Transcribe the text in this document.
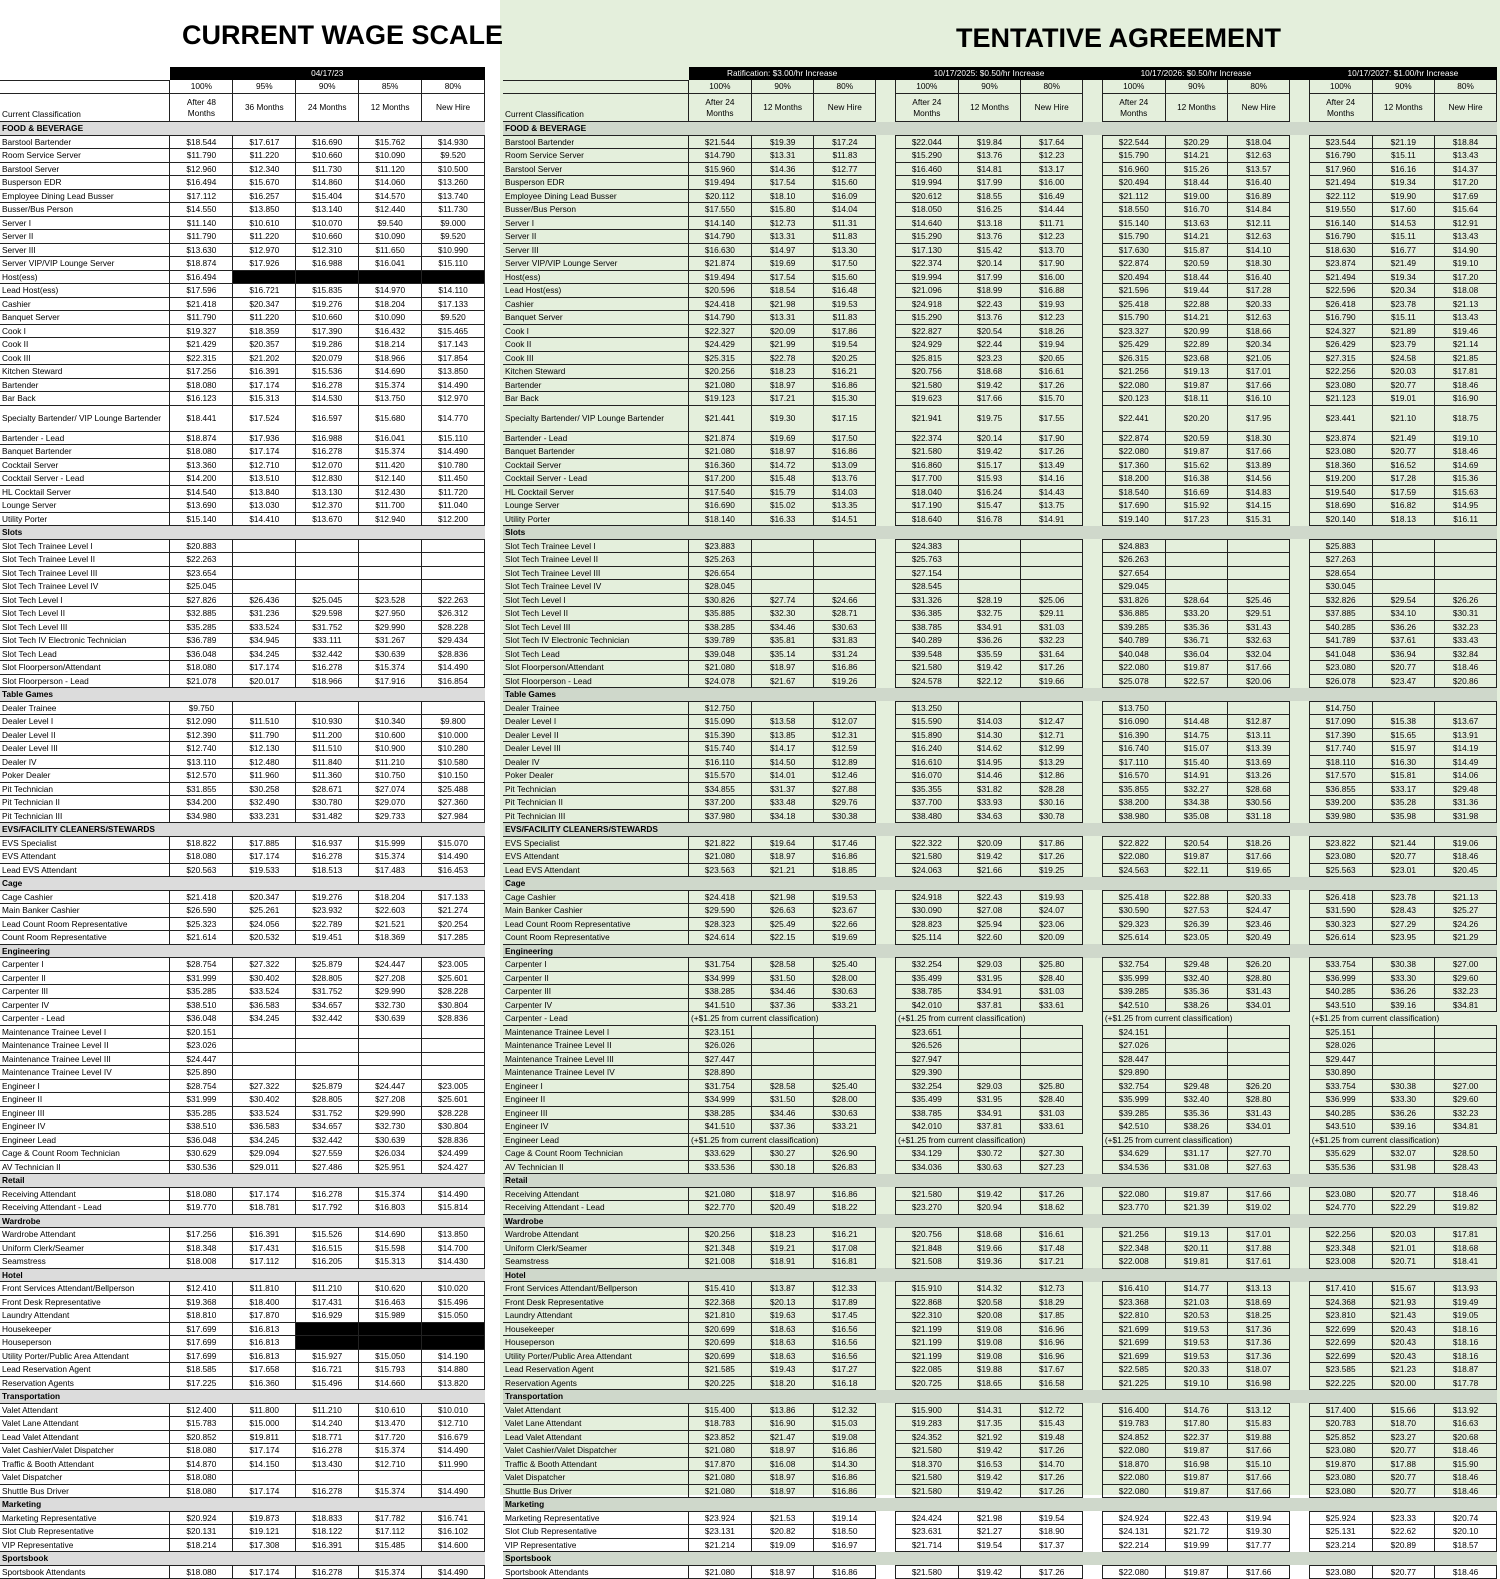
CURRENT WAGE SCALE	TENTATIVE AGREEMENT
	04/17/23				
	100%	95%	90%	85%	80%
Current Classification	After 48 Months	36 Months	24 Months	12 Months	New Hire
FOOD & BEVERAGE					
Barstool Bartender	$18.544	$17.617	$16.690	$15.762	$14.930
Room Service Server	$11.790	$11.220	$10.660	$10.090	$9.520
Barstool Server	$12.960	$12.340	$11.730	$11.120	$10.500
Busperson EDR	$16.494	$15.670	$14.860	$14.060	$13.260
Employee Dining Lead Busser	$17.112	$16.257	$15.404	$14.570	$13.740
Busser/Bus Person	$14.550	$13.850	$13.140	$12.440	$11.730
Server I	$11.140	$10.610	$10.070	$9.540	$9.000
Server II	$11.790	$11.220	$10.660	$10.090	$9.520
Server III	$13.630	$12.970	$12.310	$11.650	$10.990
Server VIP/VIP Lounge Server	$18.874	$17.926	$16.988	$16.041	$15.110
Host(ess)	$16.494				
Lead Host(ess)	$17.596	$16.721	$15.835	$14.970	$14.110
Cashier	$21.418	$20.347	$19.276	$18.204	$17.133
Banquet Server	$11.790	$11.220	$10.660	$10.090	$9.520
Cook I	$19.327	$18.359	$17.390	$16.432	$15.465
Cook II	$21.429	$20.357	$19.286	$18.214	$17.143
Cook III	$22.315	$21.202	$20.079	$18.966	$17.854
Kitchen Steward	$17.256	$16.391	$15.536	$14.690	$13.850
Bartender	$18.080	$17.174	$16.278	$15.374	$14.490
Bar Back	$16.123	$15.313	$14.530	$13.750	$12.970
Specialty Bartender/ VIP Lounge Bartender	$18.441	$17.524	$16.597	$15.680	$14.770
Bartender - Lead	$18.874	$17.936	$16.988	$16.041	$15.110
Banquet Bartender	$18.080	$17.174	$16.278	$15.374	$14.490
Cocktail Server	$13.360	$12.710	$12.070	$11.420	$10.780
Cocktail Server - Lead	$14.200	$13.510	$12.830	$12.140	$11.450
HL Cocktail Server	$14.540	$13.840	$13.130	$12.430	$11.720
Lounge Server	$13.690	$13.030	$12.370	$11.700	$11.040
Utility Porter	$15.140	$14.410	$13.670	$12.940	$12.200
Slots					
Slot Tech Trainee Level I	$20.883				
Slot Tech Trainee Level II	$22.263				
Slot Tech Trainee Level III	$23.654				
Slot Tech Trainee Level IV	$25.045				
Slot Tech Level I	$27.826	$26.436	$25.045	$23.528	$22.263
Slot Tech Level II	$32.885	$31.236	$29.598	$27.950	$26.312
Slot Tech Level III	$35.285	$33.524	$31.752	$29.990	$28.228
Slot Tech IV Electronic Technician	$36.789	$34.945	$33.111	$31.267	$29.434
Slot Tech Lead	$36.048	$34.245	$32.442	$30.639	$28.836
Slot Floorperson/Attendant	$18.080	$17.174	$16.278	$15.374	$14.490
Slot Floorperson - Lead	$21.078	$20.017	$18.966	$17.916	$16.854
Table Games					
Dealer Trainee	$9.750				
Dealer Level I	$12.090	$11.510	$10.930	$10.340	$9.800
Dealer Level II	$12.390	$11.790	$11.200	$10.600	$10.000
Dealer Level III	$12.740	$12.130	$11.510	$10.900	$10.280
Dealer IV	$13.110	$12.480	$11.840	$11.210	$10.580
Poker Dealer	$12.570	$11.960	$11.360	$10.750	$10.150
Pit Technician	$31.855	$30.258	$28.671	$27.074	$25.488
Pit Technician II	$34.200	$32.490	$30.780	$29.070	$27.360
Pit Technician III	$34.980	$33.231	$31.482	$29.733	$27.984
EVS/FACILITY CLEANERS/STEWARDS					
EVS Specialist	$18.822	$17.885	$16.937	$15.999	$15.070
EVS Attendant	$18.080	$17.174	$16.278	$15.374	$14.490
Lead EVS Attendant	$20.563	$19.533	$18.513	$17.483	$16.453
Cage					
Cage Cashier	$21.418	$20.347	$19.276	$18.204	$17.133
Main Banker Cashier	$26.590	$25.261	$23.932	$22.603	$21.274
Lead Count Room Representative	$25.323	$24.056	$22.789	$21.521	$20.254
Count Room Representative	$21.614	$20.532	$19.451	$18.369	$17.285
Engineering					
Carpenter I	$28.754	$27.322	$25.879	$24.447	$23.005
Carpenter II	$31.999	$30.402	$28.805	$27.208	$25.601
Carpenter III	$35.285	$33.524	$31.752	$29.990	$28.228
Carpenter IV	$38.510	$36.583	$34.657	$32.730	$30.804
Carpenter - Lead	$36.048	$34.245	$32.442	$30.639	$28.836
Maintenance Trainee Level I	$20.151				
Maintenance Trainee Level II	$23.026				
Maintenance Trainee Level III	$24.447				
Maintenance Trainee Level IV	$25.890				
Engineer I	$28.754	$27.322	$25.879	$24.447	$23.005
Engineer II	$31.999	$30.402	$28.805	$27.208	$25.601
Engineer III	$35.285	$33.524	$31.752	$29.990	$28.228
Engineer IV	$38.510	$36.583	$34.657	$32.730	$30.804
Engineer Lead	$36.048	$34.245	$32.442	$30.639	$28.836
Cage & Count Room Technician	$30.629	$29.094	$27.559	$26.034	$24.499
AV Technician II	$30.536	$29.011	$27.486	$25.951	$24.427
Retail					
Receiving Attendant	$18.080	$17.174	$16.278	$15.374	$14.490
Receiving Attendant - Lead	$19.770	$18.781	$17.792	$16.803	$15.814
Wardrobe					
Wardrobe Attendant	$17.256	$16.391	$15.526	$14.690	$13.850
Uniform Clerk/Seamer	$18.348	$17.431	$16.515	$15.598	$14.700
Seamstress	$18.008	$17.112	$16.205	$15.313	$14.430
Hotel					
Front Services Attendant/Bellperson	$12.410	$11.810	$11.210	$10.620	$10.020
Front Desk Representative	$19.368	$18.400	$17.431	$16.463	$15.496
Laundry Attendant	$18.810	$17.870	$16.929	$15.989	$15.050
Housekeeper	$17.699	$16.813			
Houseperson	$17.699	$16.813			
Utility Porter/Public Area Attendant	$17.699	$16.813	$15.927	$15.050	$14.190
Lead Reservation Agent	$18.585	$17.658	$16.721	$15.793	$14.880
Reservation Agents	$17.225	$16.360	$15.496	$14.660	$13.820
Transportation					
Valet Attendant	$12.400	$11.800	$11.210	$10.610	$10.010
Valet Lane Attendant	$15.783	$15.000	$14.240	$13.470	$12.710
Lead Valet Attendant	$20.852	$19.811	$18.771	$17.720	$16.679
Valet Cashier/Valet Dispatcher	$18.080	$17.174	$16.278	$15.374	$14.490
Traffic & Booth Attendant	$14.870	$14.150	$13.430	$12.710	$11.990
Valet Dispatcher	$18.080				
Shuttle Bus Driver	$18.080	$17.174	$16.278	$15.374	$14.490
Marketing					
Marketing Representative	$20.924	$19.873	$18.833	$17.782	$16.741
Slot Club Representative	$20.131	$19.121	$18.122	$17.112	$16.102
VIP Representative	$18.214	$17.308	$16.391	$15.485	$14.600
Sportsbook					
Sportsbook Attendants	$18.080	$17.174	$16.278	$15.374	$14.490
	Ratification: $3.00/hr Increase				10/17/2025: $0.50/hr Increase				10/17/2026: $0.50/hr Increase				10/17/2027: $1.00/hr Increase		
	100%	90%	80%		100%	90%	80%		100%	90%	80%		100%	90%	80%
Current Classification	After 24 Months	12 Months	New Hire		After 24 Months	12 Months	New Hire		After 24 Months	12 Months	New Hire		After 24 Months	12 Months	New Hire
FOOD & BEVERAGE															
Barstool Bartender	$21.544	$19.39	$17.24		$22.044	$19.84	$17.64		$22.544	$20.29	$18.04		$23.544	$21.19	$18.84
Room Service Server	$14.790	$13.31	$11.83		$15.290	$13.76	$12.23		$15.790	$14.21	$12.63		$16.790	$15.11	$13.43
Barstool Server	$15.960	$14.36	$12.77		$16.460	$14.81	$13.17		$16.960	$15.26	$13.57		$17.960	$16.16	$14.37
Busperson EDR	$19.494	$17.54	$15.60		$19.994	$17.99	$16.00		$20.494	$18.44	$16.40		$21.494	$19.34	$17.20
Employee Dining Lead Busser	$20.112	$18.10	$16.09		$20.612	$18.55	$16.49		$21.112	$19.00	$16.89		$22.112	$19.90	$17.69
Busser/Bus Person	$17.550	$15.80	$14.04		$18.050	$16.25	$14.44		$18.550	$16.70	$14.84		$19.550	$17.60	$15.64
Server I	$14.140	$12.73	$11.31		$14.640	$13.18	$11.71		$15.140	$13.63	$12.11		$16.140	$14.53	$12.91
Server II	$14.790	$13.31	$11.83		$15.290	$13.76	$12.23		$15.790	$14.21	$12.63		$16.790	$15.11	$13.43
Server III	$16.630	$14.97	$13.30		$17.130	$15.42	$13.70		$17.630	$15.87	$14.10		$18.630	$16.77	$14.90
Server VIP/VIP Lounge Server	$21.874	$19.69	$17.50		$22.374	$20.14	$17.90		$22.874	$20.59	$18.30		$23.874	$21.49	$19.10
Host(ess)	$19.494	$17.54	$15.60		$19.994	$17.99	$16.00		$20.494	$18.44	$16.40		$21.494	$19.34	$17.20
Lead Host(ess)	$20.596	$18.54	$16.48		$21.096	$18.99	$16.88		$21.596	$19.44	$17.28		$22.596	$20.34	$18.08
Cashier	$24.418	$21.98	$19.53		$24.918	$22.43	$19.93		$25.418	$22.88	$20.33		$26.418	$23.78	$21.13
Banquet Server	$14.790	$13.31	$11.83		$15.290	$13.76	$12.23		$15.790	$14.21	$12.63		$16.790	$15.11	$13.43
Cook I	$22.327	$20.09	$17.86		$22.827	$20.54	$18.26		$23.327	$20.99	$18.66		$24.327	$21.89	$19.46
Cook II	$24.429	$21.99	$19.54		$24.929	$22.44	$19.94		$25.429	$22.89	$20.34		$26.429	$23.79	$21.14
Cook III	$25.315	$22.78	$20.25		$25.815	$23.23	$20.65		$26.315	$23.68	$21.05		$27.315	$24.58	$21.85
Kitchen Steward	$20.256	$18.23	$16.21		$20.756	$18.68	$16.61		$21.256	$19.13	$17.01		$22.256	$20.03	$17.81
Bartender	$21.080	$18.97	$16.86		$21.580	$19.42	$17.26		$22.080	$19.87	$17.66		$23.080	$20.77	$18.46
Bar Back	$19.123	$17.21	$15.30		$19.623	$17.66	$15.70		$20.123	$18.11	$16.10		$21.123	$19.01	$16.90
Specialty Bartender/ VIP Lounge Bartender	$21.441	$19.30	$17.15		$21.941	$19.75	$17.55		$22.441	$20.20	$17.95		$23.441	$21.10	$18.75
Bartender - Lead	$21.874	$19.69	$17.50		$22.374	$20.14	$17.90		$22.874	$20.59	$18.30		$23.874	$21.49	$19.10
Banquet Bartender	$21.080	$18.97	$16.86		$21.580	$19.42	$17.26		$22.080	$19.87	$17.66		$23.080	$20.77	$18.46
Cocktail Server	$16.360	$14.72	$13.09		$16.860	$15.17	$13.49		$17.360	$15.62	$13.89		$18.360	$16.52	$14.69
Cocktail Server - Lead	$17.200	$15.48	$13.76		$17.700	$15.93	$14.16		$18.200	$16.38	$14.56		$19.200	$17.28	$15.36
HL Cocktail Server	$17.540	$15.79	$14.03		$18.040	$16.24	$14.43		$18.540	$16.69	$14.83		$19.540	$17.59	$15.63
Lounge Server	$16.690	$15.02	$13.35		$17.190	$15.47	$13.75		$17.690	$15.92	$14.15		$18.690	$16.82	$14.95
Utility Porter	$18.140	$16.33	$14.51		$18.640	$16.78	$14.91		$19.140	$17.23	$15.31		$20.140	$18.13	$16.11
Slots															
Slot Tech Trainee Level I	$23.883				$24.383				$24.883				$25.883		
Slot Tech Trainee Level II	$25.263				$25.763				$26.263				$27.263		
Slot Tech Trainee Level III	$26.654				$27.154				$27.654				$28.654		
Slot Tech Trainee Level IV	$28.045				$28.545				$29.045				$30.045		
Slot Tech Level I	$30.826	$27.74	$24.66		$31.326	$28.19	$25.06		$31.826	$28.64	$25.46		$32.826	$29.54	$26.26
Slot Tech Level II	$35.885	$32.30	$28.71		$36.385	$32.75	$29.11		$36.885	$33.20	$29.51		$37.885	$34.10	$30.31
Slot Tech Level III	$38.285	$34.46	$30.63		$38.785	$34.91	$31.03		$39.285	$35.36	$31.43		$40.285	$36.26	$32.23
Slot Tech IV Electronic Technician	$39.789	$35.81	$31.83		$40.289	$36.26	$32.23		$40.789	$36.71	$32.63		$41.789	$37.61	$33.43
Slot Tech Lead	$39.048	$35.14	$31.24		$39.548	$35.59	$31.64		$40.048	$36.04	$32.04		$41.048	$36.94	$32.84
Slot Floorperson/Attendant	$21.080	$18.97	$16.86		$21.580	$19.42	$17.26		$22.080	$19.87	$17.66		$23.080	$20.77	$18.46
Slot Floorperson - Lead	$24.078	$21.67	$19.26		$24.578	$22.12	$19.66		$25.078	$22.57	$20.06		$26.078	$23.47	$20.86
Table Games															
Dealer Trainee	$12.750				$13.250				$13.750				$14.750		
Dealer Level I	$15.090	$13.58	$12.07		$15.590	$14.03	$12.47		$16.090	$14.48	$12.87		$17.090	$15.38	$13.67
Dealer Level II	$15.390	$13.85	$12.31		$15.890	$14.30	$12.71		$16.390	$14.75	$13.11		$17.390	$15.65	$13.91
Dealer Level III	$15.740	$14.17	$12.59		$16.240	$14.62	$12.99		$16.740	$15.07	$13.39		$17.740	$15.97	$14.19
Dealer IV	$16.110	$14.50	$12.89		$16.610	$14.95	$13.29		$17.110	$15.40	$13.69		$18.110	$16.30	$14.49
Poker Dealer	$15.570	$14.01	$12.46		$16.070	$14.46	$12.86		$16.570	$14.91	$13.26		$17.570	$15.81	$14.06
Pit Technician	$34.855	$31.37	$27.88		$35.355	$31.82	$28.28		$35.855	$32.27	$28.68		$36.855	$33.17	$29.48
Pit Technician II	$37.200	$33.48	$29.76		$37.700	$33.93	$30.16		$38.200	$34.38	$30.56		$39.200	$35.28	$31.36
Pit Technician III	$37.980	$34.18	$30.38		$38.480	$34.63	$30.78		$38.980	$35.08	$31.18		$39.980	$35.98	$31.98
EVS/FACILITY CLEANERS/STEWARDS															
EVS Specialist	$21.822	$19.64	$17.46		$22.322	$20.09	$17.86		$22.822	$20.54	$18.26		$23.822	$21.44	$19.06
EVS Attendant	$21.080	$18.97	$16.86		$21.580	$19.42	$17.26		$22.080	$19.87	$17.66		$23.080	$20.77	$18.46
Lead EVS Attendant	$23.563	$21.21	$18.85		$24.063	$21.66	$19.25		$24.563	$22.11	$19.65		$25.563	$23.01	$20.45
Cage															
Cage Cashier	$24.418	$21.98	$19.53		$24.918	$22.43	$19.93		$25.418	$22.88	$20.33		$26.418	$23.78	$21.13
Main Banker Cashier	$29.590	$26.63	$23.67		$30.090	$27.08	$24.07		$30.590	$27.53	$24.47		$31.590	$28.43	$25.27
Lead Count Room Representative	$28.323	$25.49	$22.66		$28.823	$25.94	$23.06		$29.323	$26.39	$23.46		$30.323	$27.29	$24.26
Count Room Representative	$24.614	$22.15	$19.69		$25.114	$22.60	$20.09		$25.614	$23.05	$20.49		$26.614	$23.95	$21.29
Engineering															
Carpenter I	$31.754	$28.58	$25.40		$32.254	$29.03	$25.80		$32.754	$29.48	$26.20		$33.754	$30.38	$27.00
Carpenter II	$34.999	$31.50	$28.00		$35.499	$31.95	$28.40		$35.999	$32.40	$28.80		$36.999	$33.30	$29.60
Carpenter III	$38.285	$34.46	$30.63		$38.785	$34.91	$31.03		$39.285	$35.36	$31.43		$40.285	$36.26	$32.23
Carpenter IV	$41.510	$37.36	$33.21		$42.010	$37.81	$33.61		$42.510	$38.26	$34.01		$43.510	$39.16	$34.81
Carpenter - Lead	(+$1.25 from current classification)				(+$1.25 from current classification)				(+$1.25 from current classification)				(+$1.25 from current classification)		
Maintenance Trainee Level I	$23.151				$23.651				$24.151				$25.151		
Maintenance Trainee Level II	$26.026				$26.526				$27.026				$28.026		
Maintenance Trainee Level III	$27.447				$27.947				$28.447				$29.447		
Maintenance Trainee Level IV	$28.890				$29.390				$29.890				$30.890		
Engineer I	$31.754	$28.58	$25.40		$32.254	$29.03	$25.80		$32.754	$29.48	$26.20		$33.754	$30.38	$27.00
Engineer II	$34.999	$31.50	$28.00		$35.499	$31.95	$28.40		$35.999	$32.40	$28.80		$36.999	$33.30	$29.60
Engineer III	$38.285	$34.46	$30.63		$38.785	$34.91	$31.03		$39.285	$35.36	$31.43		$40.285	$36.26	$32.23
Engineer IV	$41.510	$37.36	$33.21		$42.010	$37.81	$33.61		$42.510	$38.26	$34.01		$43.510	$39.16	$34.81
Engineer Lead	(+$1.25 from current classification)				(+$1.25 from current classification)				(+$1.25 from current classification)				(+$1.25 from current classification)		
Cage & Count Room Technician	$33.629	$30.27	$26.90		$34.129	$30.72	$27.30		$34.629	$31.17	$27.70		$35.629	$32.07	$28.50
AV Technician II	$33.536	$30.18	$26.83		$34.036	$30.63	$27.23		$34.536	$31.08	$27.63		$35.536	$31.98	$28.43
Retail															
Receiving Attendant	$21.080	$18.97	$16.86		$21.580	$19.42	$17.26		$22.080	$19.87	$17.66		$23.080	$20.77	$18.46
Receiving Attendant - Lead	$22.770	$20.49	$18.22		$23.270	$20.94	$18.62		$23.770	$21.39	$19.02		$24.770	$22.29	$19.82
Wardrobe															
Wardrobe Attendant	$20.256	$18.23	$16.21		$20.756	$18.68	$16.61		$21.256	$19.13	$17.01		$22.256	$20.03	$17.81
Uniform Clerk/Seamer	$21.348	$19.21	$17.08		$21.848	$19.66	$17.48		$22.348	$20.11	$17.88		$23.348	$21.01	$18.68
Seamstress	$21.008	$18.91	$16.81		$21.508	$19.36	$17.21		$22.008	$19.81	$17.61		$23.008	$20.71	$18.41
Hotel															
Front Services Attendant/Bellperson	$15.410	$13.87	$12.33		$15.910	$14.32	$12.73		$16.410	$14.77	$13.13		$17.410	$15.67	$13.93
Front Desk Representative	$22.368	$20.13	$17.89		$22.868	$20.58	$18.29		$23.368	$21.03	$18.69		$24.368	$21.93	$19.49
Laundry Attendant	$21.810	$19.63	$17.45		$22.310	$20.08	$17.85		$22.810	$20.53	$18.25		$23.810	$21.43	$19.05
Housekeeper	$20.699	$18.63	$16.56		$21.199	$19.08	$16.96		$21.699	$19.53	$17.36		$22.699	$20.43	$18.16
Houseperson	$20.699	$18.63	$16.56		$21.199	$19.08	$16.96		$21.699	$19.53	$17.36		$22.699	$20.43	$18.16
Utility Porter/Public Area Attendant	$20.699	$18.63	$16.56		$21.199	$19.08	$16.96		$21.699	$19.53	$17.36		$22.699	$20.43	$18.16
Lead Reservation Agent	$21.585	$19.43	$17.27		$22.085	$19.88	$17.67		$22.585	$20.33	$18.07		$23.585	$21.23	$18.87
Reservation Agents	$20.225	$18.20	$16.18		$20.725	$18.65	$16.58		$21.225	$19.10	$16.98		$22.225	$20.00	$17.78
Transportation															
Valet Attendant	$15.400	$13.86	$12.32		$15.900	$14.31	$12.72		$16.400	$14.76	$13.12		$17.400	$15.66	$13.92
Valet Lane Attendant	$18.783	$16.90	$15.03		$19.283	$17.35	$15.43		$19.783	$17.80	$15.83		$20.783	$18.70	$16.63
Lead Valet Attendant	$23.852	$21.47	$19.08		$24.352	$21.92	$19.48		$24.852	$22.37	$19.88		$25.852	$23.27	$20.68
Valet Cashier/Valet Dispatcher	$21.080	$18.97	$16.86		$21.580	$19.42	$17.26		$22.080	$19.87	$17.66		$23.080	$20.77	$18.46
Traffic & Booth Attendant	$17.870	$16.08	$14.30		$18.370	$16.53	$14.70		$18.870	$16.98	$15.10		$19.870	$17.88	$15.90
Valet Dispatcher	$21.080	$18.97	$16.86		$21.580	$19.42	$17.26		$22.080	$19.87	$17.66		$23.080	$20.77	$18.46
Shuttle Bus Driver	$21.080	$18.97	$16.86		$21.580	$19.42	$17.26		$22.080	$19.87	$17.66		$23.080	$20.77	$18.46
Marketing															
Marketing Representative	$23.924	$21.53	$19.14		$24.424	$21.98	$19.54		$24.924	$22.43	$19.94		$25.924	$23.33	$20.74
Slot Club Representative	$23.131	$20.82	$18.50		$23.631	$21.27	$18.90		$24.131	$21.72	$19.30		$25.131	$22.62	$20.10
VIP Representative	$21.214	$19.09	$16.97		$21.714	$19.54	$17.37		$22.214	$19.99	$17.77		$23.214	$20.89	$18.57
Sportsbook															
Sportsbook Attendants	$21.080	$18.97	$16.86		$21.580	$19.42	$17.26		$22.080	$19.87	$17.66		$23.080	$20.77	$18.46
